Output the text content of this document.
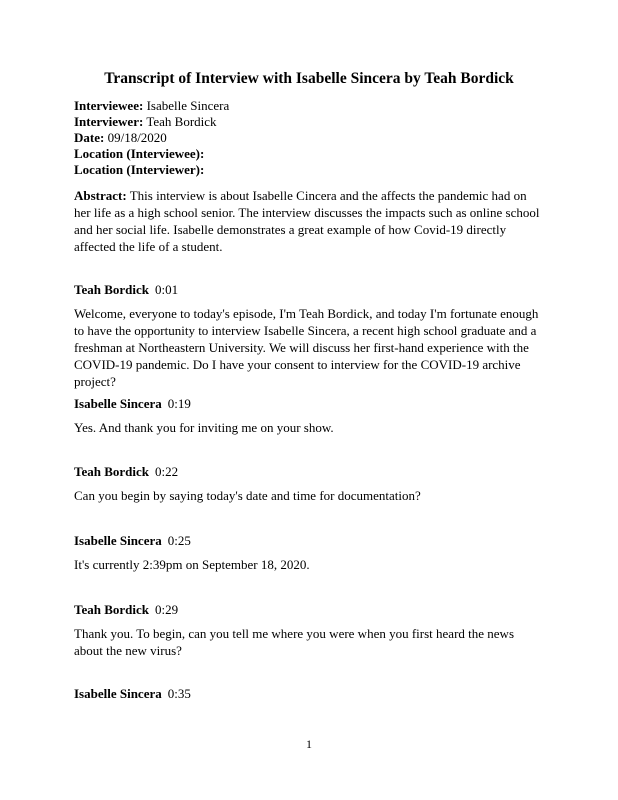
Transcript of Interview with Isabelle Sincera by Teah Bordick
Interviewee: Isabelle Sincera
Interviewer: Teah Bordick
Date: 09/18/2020
Location (Interviewee):
Location (Interviewer):
Abstract: This interview is about Isabelle Cincera and the affects the pandemic had on her life as a high school senior. The interview discusses the impacts such as online school and her social life. Isabelle demonstrates a great example of how Covid-19 directly affected the life of a student.
Teah Bordick 0:01
Welcome, everyone to today's episode, I'm Teah Bordick, and today I'm fortunate enough to have the opportunity to interview Isabelle Sincera, a recent high school graduate and a freshman at Northeastern University. We will discuss her first-hand experience with the COVID-19 pandemic. Do I have your consent to interview for the COVID-19 archive project?
Isabelle Sincera 0:19
Yes. And thank you for inviting me on your show.
Teah Bordick 0:22
Can you begin by saying today's date and time for documentation?
Isabelle Sincera 0:25
It's currently 2:39pm on September 18, 2020.
Teah Bordick 0:29
Thank you. To begin, can you tell me where you were when you first heard the news about the new virus?
Isabelle Sincera 0:35
1
